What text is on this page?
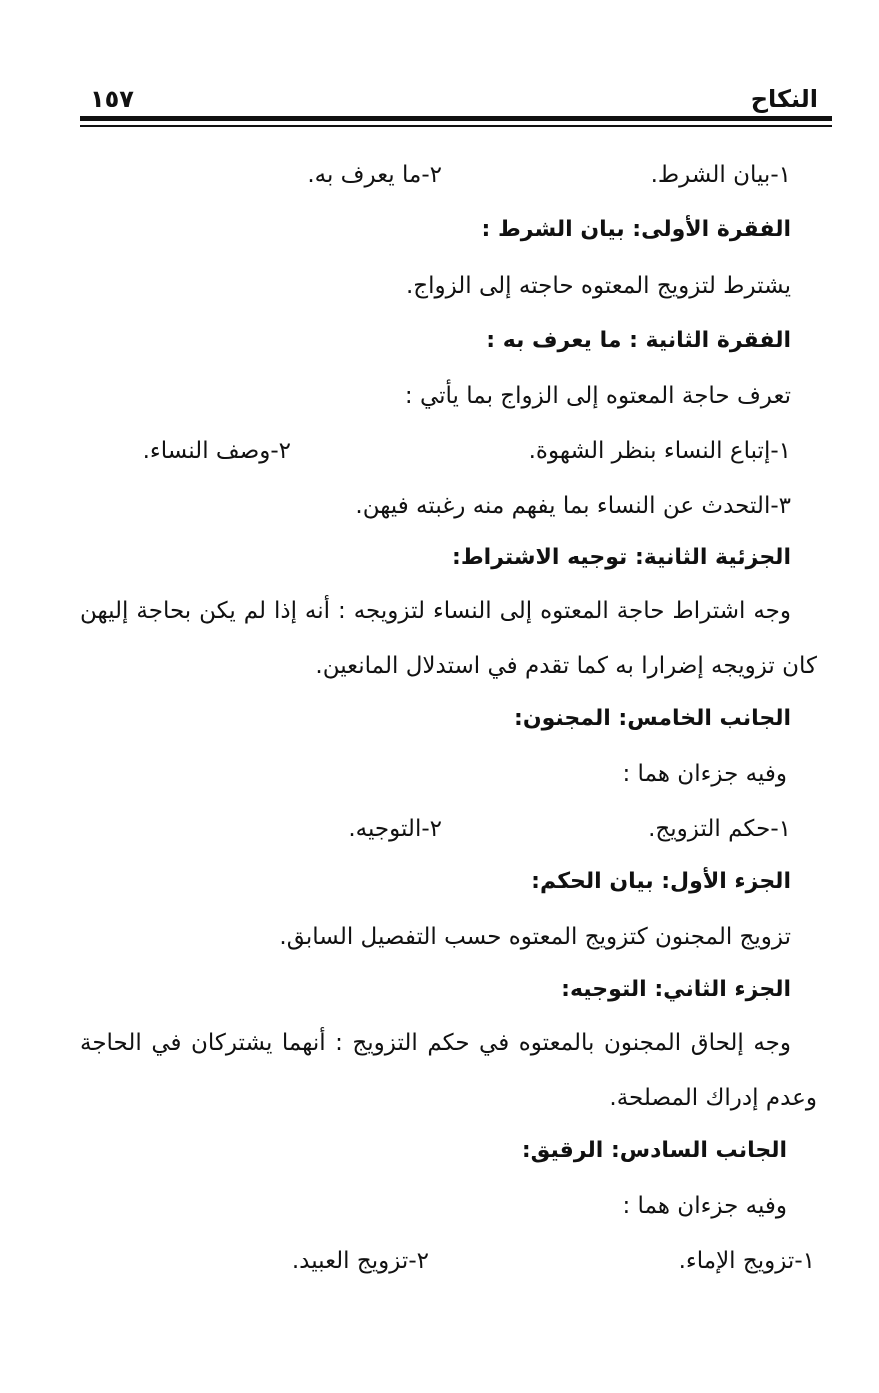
النكاح
١٥٧
١-بيان الشرط.
٢-ما يعرف به.
الفقرة الأولى: بيان الشرط :
يشترط لتزويج المعتوه حاجته إلى الزواج.
الفقرة الثانية : ما يعرف به :
تعرف حاجة المعتوه إلى الزواج بما يأتي :
١-إتباع النساء بنظر الشهوة.
٢-وصف النساء.
٣-التحدث عن النساء بما يفهم منه رغبته فيهن.
الجزئية الثانية: توجيه الاشتراط:
وجه اشتراط حاجة المعتوه إلى النساء لتزويجه : أنه إذا لم يكن بحاجة إليهن
كان تزويجه إضرارا به كما تقدم في استدلال المانعين.
الجانب الخامس: المجنون:
وفيه جزءان هما :
١-حكم التزويج.
٢-التوجيه.
الجزء الأول: بيان الحكم:
تزويج المجنون كتزويج المعتوه حسب التفصيل السابق.
الجزء الثاني: التوجيه:
وجه إلحاق المجنون بالمعتوه في حكم التزويج : أنهما يشتركان في الحاجة
وعدم إدراك المصلحة.
الجانب السادس: الرقيق:
وفيه جزءان هما :
١-تزويج الإماء.
٢-تزويج العبيد.
